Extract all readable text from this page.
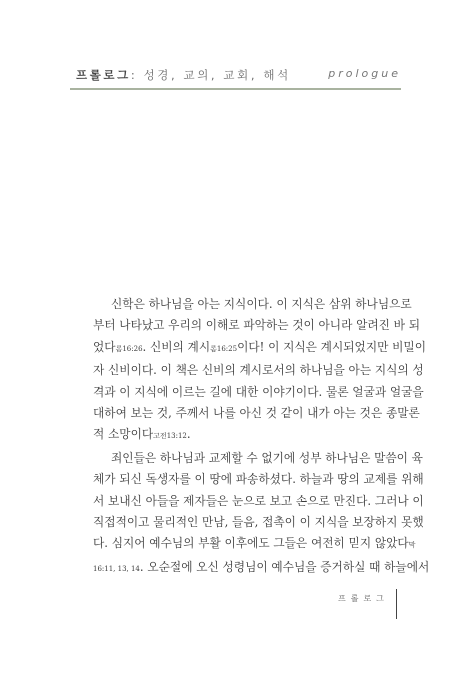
프롤로그: 성경, 교의, 교회, 해석	prologue

신학은 하나님을 아는 지식이다. 이 지식은 삼위 하나님으로
부터 나타났고 우리의 이해로 파악하는 것이 아니라 알려진 바 되
었다롬16:26. 신비의 계시롬16:25이다! 이 지식은 계시되었지만 비밀이
자 신비이다. 이 책은 신비의 계시로서의 하나님을 아는 지식의 성
격과 이 지식에 이르는 길에 대한 이야기이다. 물론 얼굴과 얼굴을
대하여 보는 것, 주께서 나를 아신 것 같이 내가 아는 것은 종말론
적 소망이다고전13:12.

죄인들은 하나님과 교제할 수 없기에 성부 하나님은 말씀이 육
체가 되신 독생자를 이 땅에 파송하셨다. 하늘과 땅의 교제를 위해
서 보내신 아들을 제자들은 눈으로 보고 손으로 만진다. 그러나 이
직접적이고 물리적인 만남, 들음, 접촉이 이 지식을 보장하지 못했
다. 심지어 예수님의 부활 이후에도 그들은 여전히 믿지 않았다막
16:11, 13, 14. 오순절에 오신 성령님이 예수님을 증거하실 때 하늘에서

프롤로그
